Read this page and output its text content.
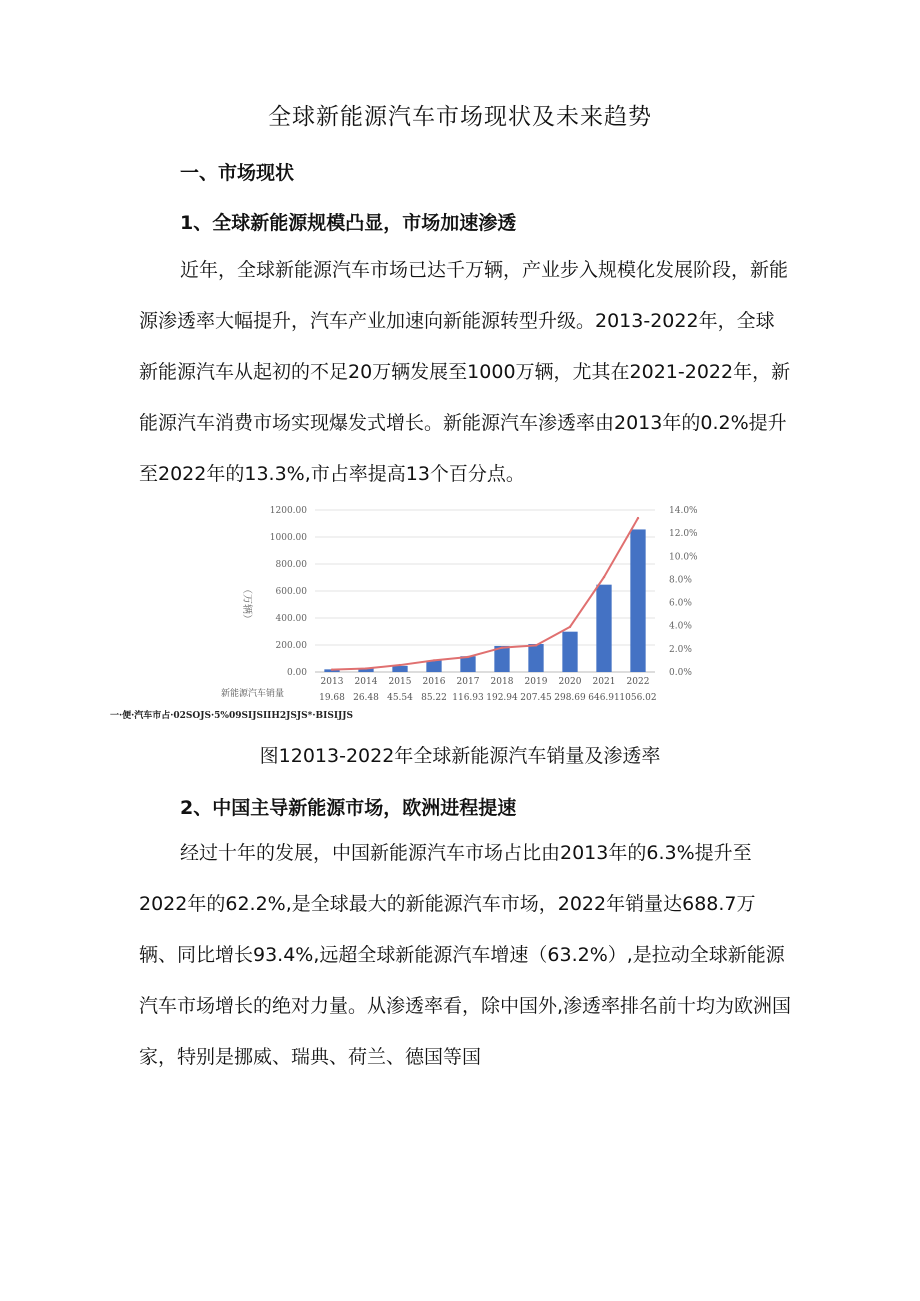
全球新能源汽车市场现状及未来趋势
一、市场现状
1、全球新能源规模凸显，市场加速渗透

近年，全球新能源汽车市场已达千万辆，产业步入规模化发展阶段，新能源渗透率大幅提升，汽车产业加速向新能源转型升级。2013-2022年，全球新能源汽车从起初的不足20万辆发展至1000万辆，尤其在2021-2022年，新能源汽车消费市场实现爆发式增长。新能源汽车渗透率由2013年的0.2%提升至2022年的13.3%,市占率提高13个百分点。

0.00
200.00
400.00
600.00
800.00
1000.00
1200.00
0.0%
2.0%
4.0%
6.0%
8.0%
10.0%
12.0%
14.0%
2013 2014 2015 2016 2017 2018 2019 2020 2021 2022
19.68 26.48 45.54 85.22 116.93 192.94 207.45 298.69 646.91 1056.02
（万辆）
新能源汽车销量
一·便·汽车市占·02SOJS·5%09SIJSIIH2JSJS*·BISIJJS
图12013-2022年全球新能源汽车销量及渗透率
2、中国主导新能源市场，欧洲进程提速

经过十年的发展，中国新能源汽车市场占比由2013年的6.3%提升至2022年的62.2%,是全球最大的新能源汽车市场，2022年销量达688.7万辆、同比增长93.4%,远超全球新能源汽车增速（63.2%）,是拉动全球新能源汽车市场增长的绝对力量。从渗透率看，除中国外,渗透率排名前十均为欧洲国家，特别是挪威、瑞典、荷兰、德国等国
